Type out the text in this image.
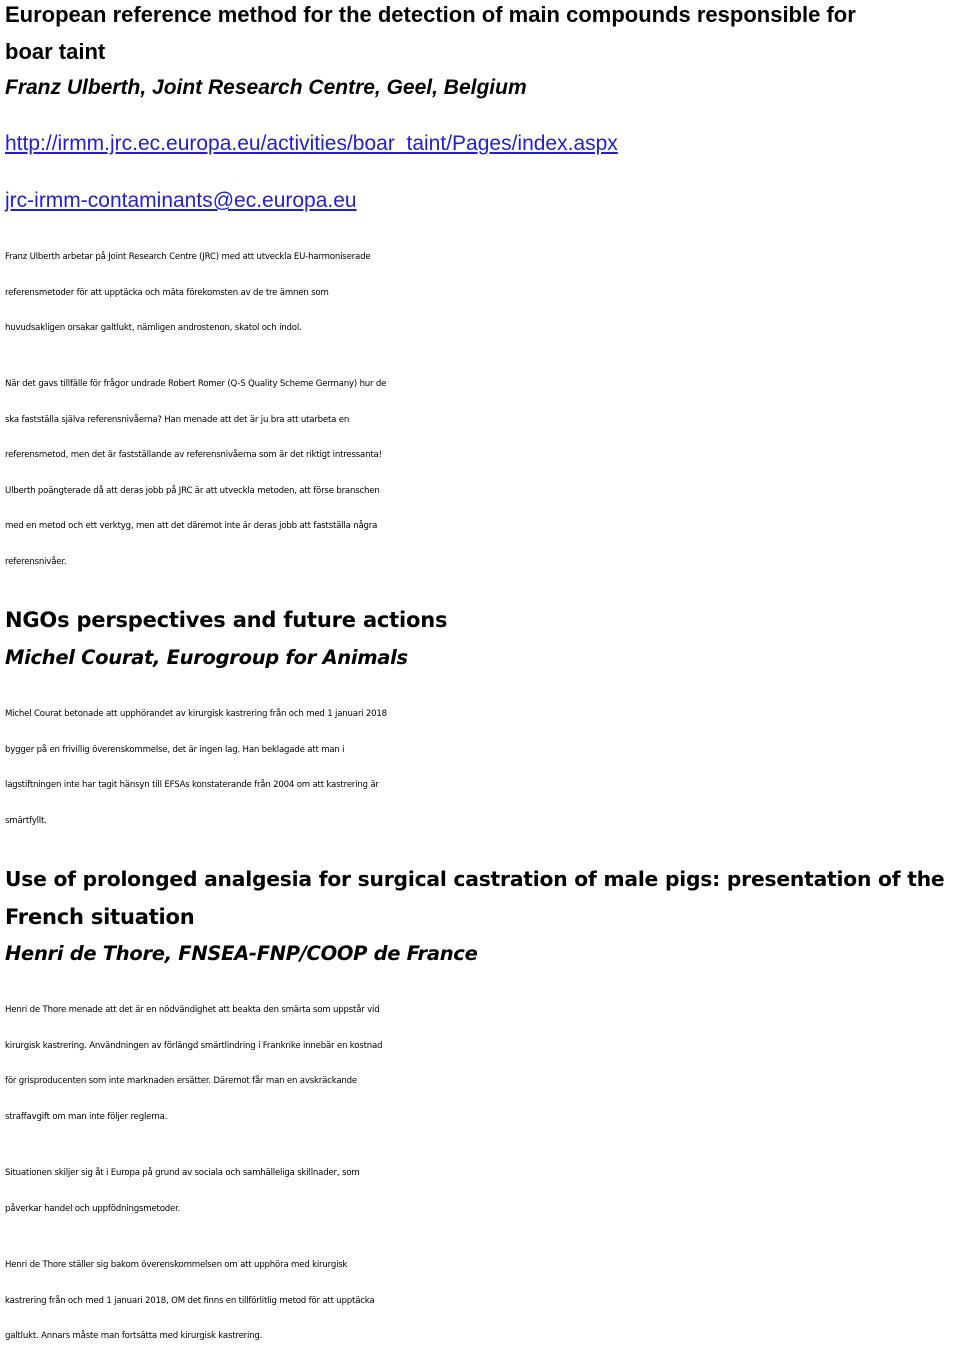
European reference method for the detection of main compounds responsible for
boar taint

Franz Ulberth, Joint Research Centre, Geel, Belgium

http://irmm.jrc.ec.europa.eu/activities/boar_taint/Pages/index.aspx
jrc-irmm-contaminants@ec.europa.eu

Franz Ulberth arbetar på Joint Research Centre (JRC) med att utveckla EU-harmoniserade
referensmetoder för att upptäcka och mäta förekomsten av de tre ämnen som
huvudsakligen orsakar galtlukt, nämligen androstenon, skatol och indol.

När det gavs tillfälle för frågor undrade Robert Romer (Q-S Quality Scheme Germany) hur de
ska fastställa själva referensnivåerna? Han menade att det är ju bra att utarbeta en
referensmetod, men det är fastställande av referensnivåerna som är det riktigt intressanta!
Ulberth poängterade då att deras jobb på JRC är att utveckla metoden, att förse branschen
med en metod och ett verktyg, men att det däremot inte är deras jobb att fastställa några
referensnivåer.

NGOs perspectives and future actions

Michel Courat, Eurogroup for Animals

Michel Courat betonade att upphörandet av kirurgisk kastrering från och med 1 januari 2018
bygger på en frivillig överenskommelse, det är ingen lag. Han beklagade att man i
lagstiftningen inte har tagit hänsyn till EFSAs konstaterande från 2004 om att kastrering är
smärtfyllt.

Use of prolonged analgesia for surgical castration of male pigs: presentation of the
French situation

Henri de Thore, FNSEA-FNP/COOP de France

Henri de Thore menade att det är en nödvändighet att beakta den smärta som uppstår vid
kirurgisk kastrering. Användningen av förlängd smärtlindring i Frankrike innebär en kostnad
för grisproducenten som inte marknaden ersätter. Däremot får man en avskräckande
straffavgift om man inte följer reglerna.

Situationen skiljer sig åt i Europa på grund av sociala och samhälleliga skillnader, som
påverkar handel och uppfödningsmetoder.

Henri de Thore ställer sig bakom överenskommelsen om att upphöra med kirurgisk
kastrering från och med 1 januari 2018, OM det finns en tillförlitlig metod för att upptäcka
galtlukt. Annars måste man fortsätta med kirurgisk kastrering.
